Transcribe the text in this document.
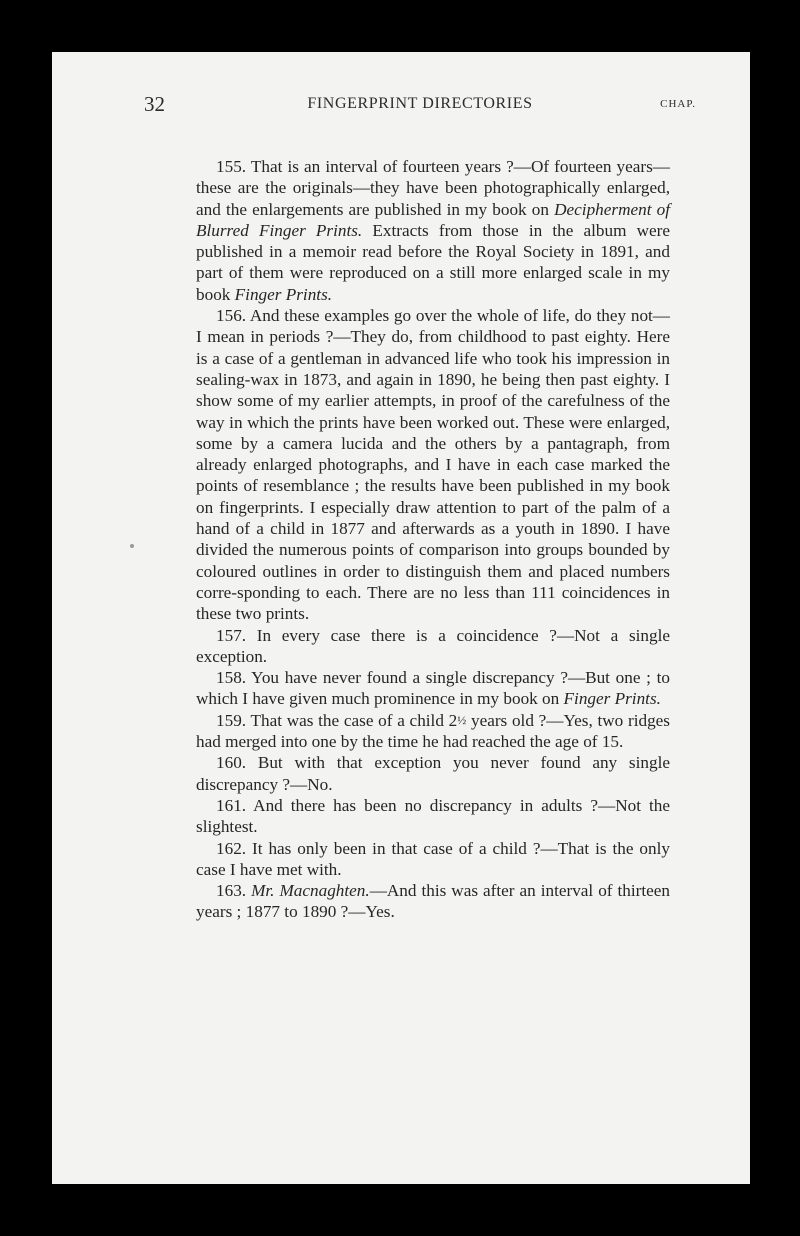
32	FINGERPRINT DIRECTORIES	CHAP.

155. That is an interval of fourteen years ?—Of fourteen years—these are the originals—they have been photographically enlarged, and the enlargements are published in my book on Decipherment of Blurred Finger Prints. Extracts from those in the album were published in a memoir read before the Royal Society in 1891, and part of them were reproduced on a still more enlarged scale in my book Finger Prints.

156. And these examples go over the whole of life, do they not—I mean in periods ?—They do, from childhood to past eighty. Here is a case of a gentleman in advanced life who took his impression in sealing-wax in 1873, and again in 1890, he being then past eighty. I show some of my earlier attempts, in proof of the carefulness of the way in which the prints have been worked out. These were enlarged, some by a camera lucida and the others by a pantagraph, from already enlarged photographs, and I have in each case marked the points of resemblance ; the results have been published in my book on fingerprints. I especially draw attention to part of the palm of a hand of a child in 1877 and afterwards as a youth in 1890. I have divided the numerous points of comparison into groups bounded by coloured outlines in order to distinguish them and placed numbers corre-sponding to each. There are no less than 111 coincidences in these two prints.

157. In every case there is a coincidence ?—Not a single exception.

158. You have never found a single discrepancy ?—But one ; to which I have given much prominence in my book on Finger Prints.

159. That was the case of a child 2½ years old ?—Yes, two ridges had merged into one by the time he had reached the age of 15.

160. But with that exception you never found any single discrepancy ?—No.

161. And there has been no discrepancy in adults ?—Not the slightest.

162. It has only been in that case of a child ?—That is the only case I have met with.

163. Mr. Macnaghten.—And this was after an interval of thirteen years ; 1877 to 1890 ?—Yes.
